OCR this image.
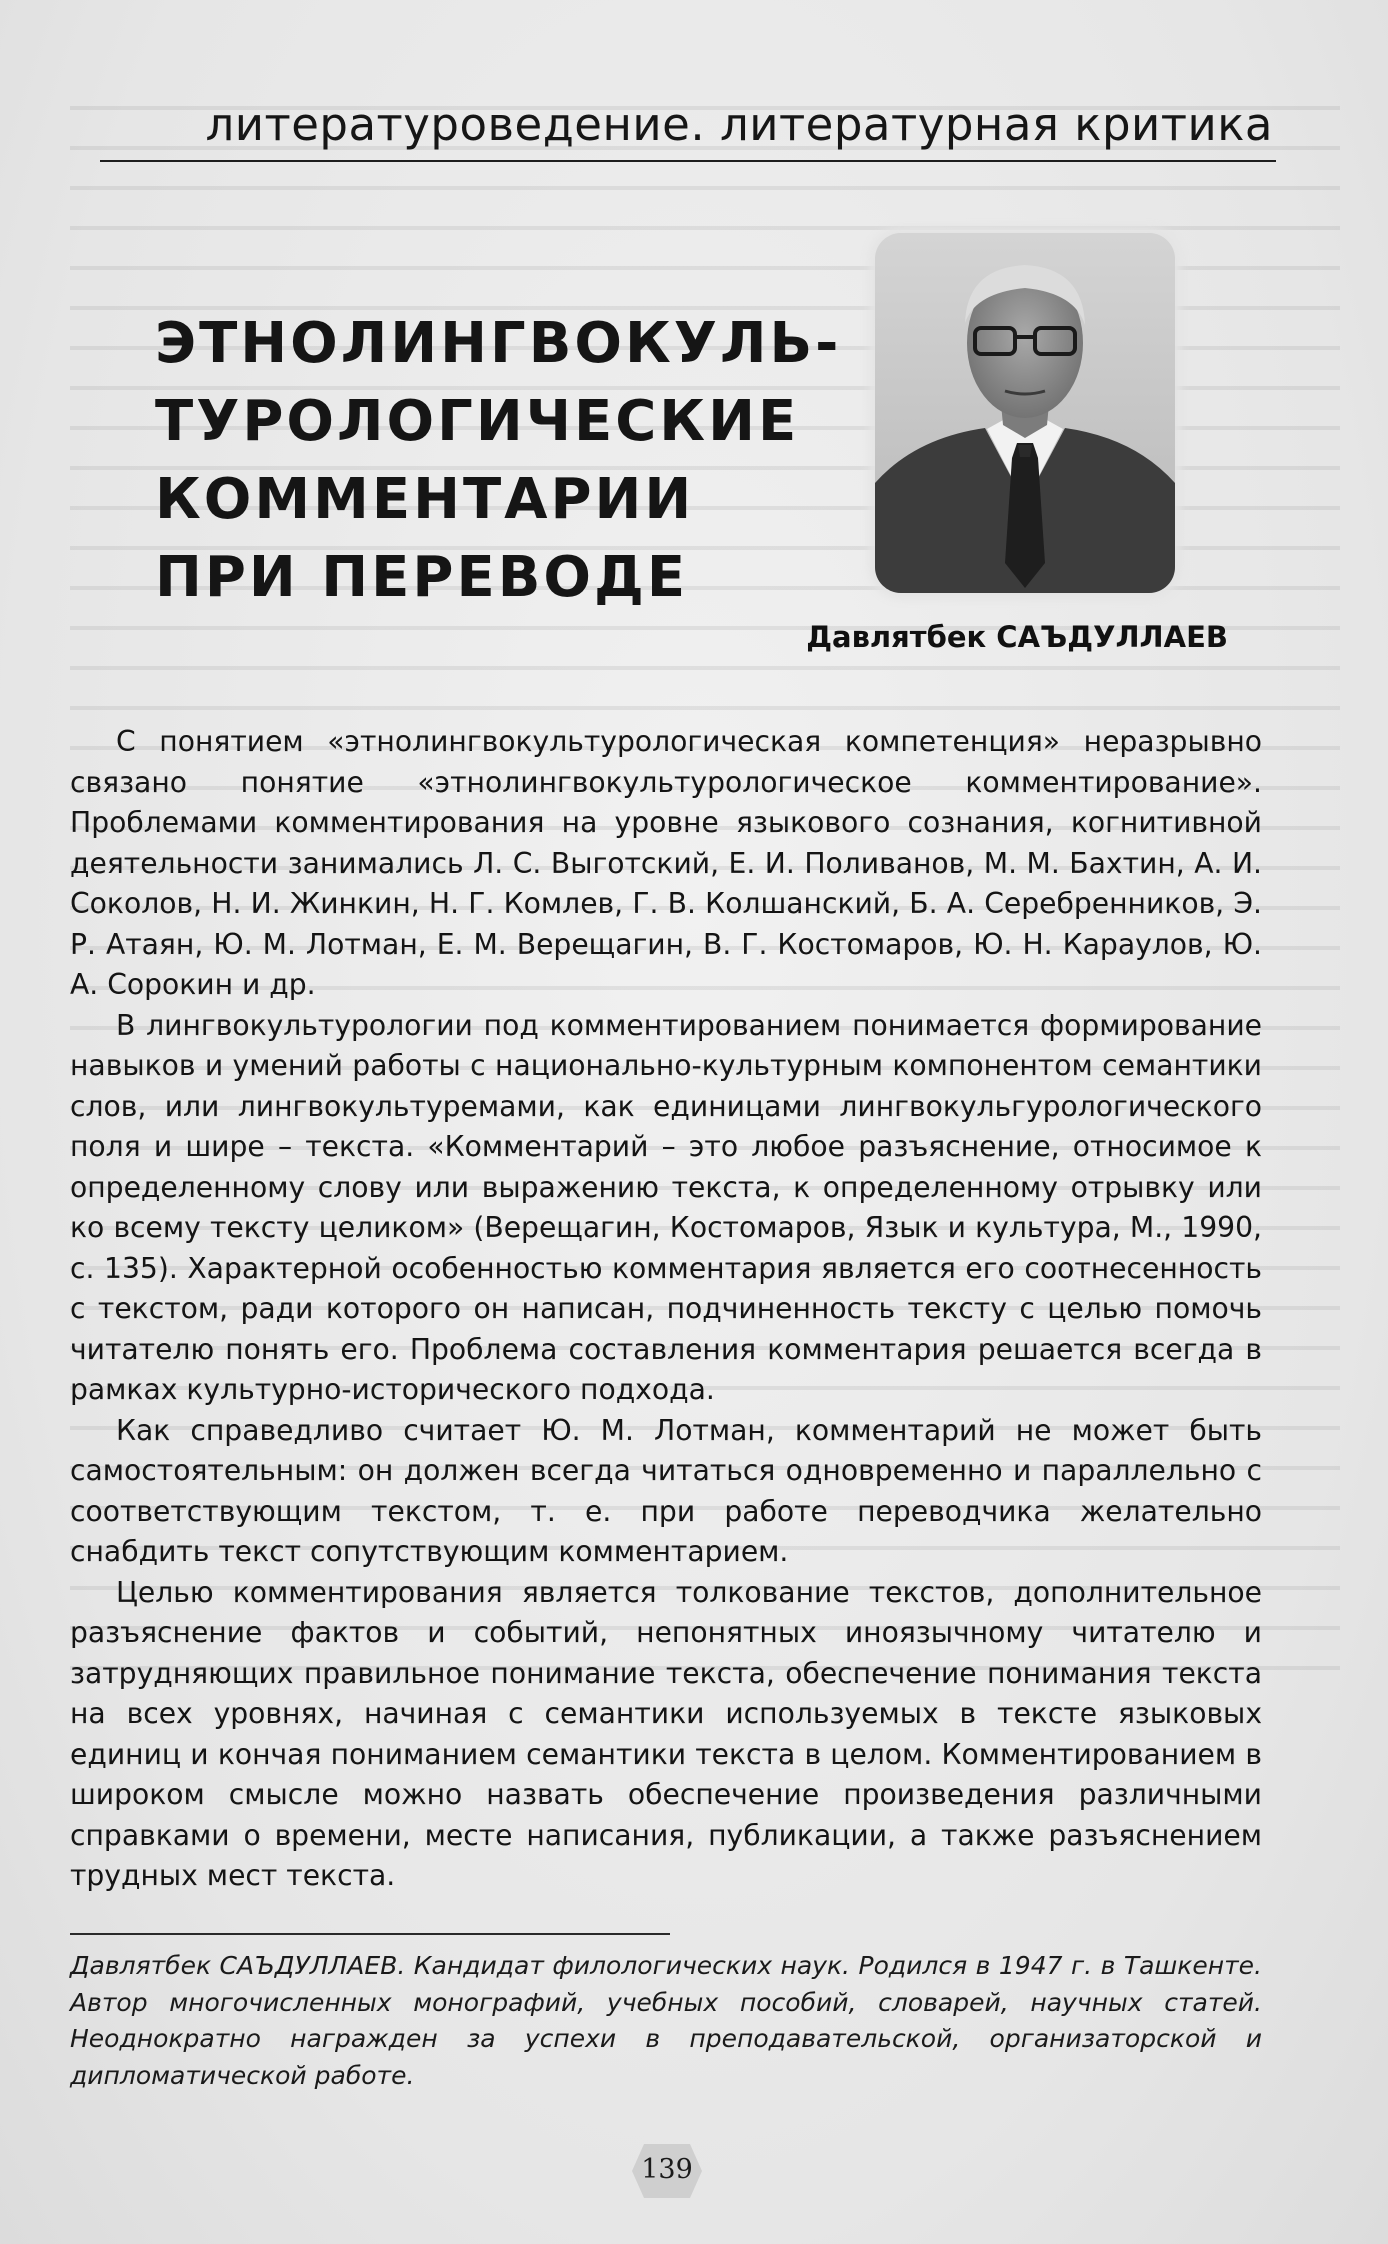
литературоведение. литературная критика
ЭТНОЛИНГВОКУЛЬ-
ТУРОЛОГИЧЕСКИЕ
КОММЕНТАРИИ
ПРИ ПЕРЕВОДЕ
Давлятбек САЪДУЛЛАЕВ

С понятием «этнолингвокультурологическая компетенция» неразрывно связано понятие «этнолингвокультурологическое комментирование». Проблемами комментирования на уровне языкового сознания, когнитивной деятельности занимались Л. С. Выготский, Е. И. Поливанов, М. М. Бахтин, А. И. Соколов, Н. И. Жинкин, Н. Г. Комлев, Г. В. Колшанский, Б. А. Серебренников, Э. Р. Атаян, Ю. М. Лотман, Е. М. Верещагин, В. Г. Костомаров, Ю. Н. Караулов, Ю. А. Сорокин и др.

В лингвокультурологии под комментированием понимается формирование навыков и умений работы с национально-культурным компонентом семантики слов, или лингвокультуремами, как единицами лингвокульгурологического поля и шире – текста. «Комментарий – это любое разъяснение, относимое к определенному слову или выражению текста, к определенному отрывку или ко всему тексту целиком» (Верещагин, Костомаров, Язык и культура, М., 1990, с. 135). Характерной особенностью комментария является его соотнесенность с текстом, ради которого он написан, подчиненность тексту с целью помочь читателю понять его. Проблема составления комментария решается всегда в рамках культурно-исторического подхода.

Как справедливо считает Ю. М. Лотман, комментарий не может быть самостоятельным: он должен всегда читаться одновременно и параллельно с соответствующим текстом, т. е. при работе переводчика желательно снабдить текст сопутствующим комментарием.

Целью комментирования является толкование текстов, дополнительное разъяснение фактов и событий, непонятных иноязычному читателю и затрудняющих правильное понимание текста, обеспечение понимания текста на всех уровнях, начиная с семантики используемых в тексте языковых единиц и кончая пониманием семантики текста в целом. Комментированием в широком смысле можно назвать обеспечение произведения различными справками о времени, месте написания, публикации, а также разъяснением трудных мест текста.

Давлятбек САЪДУЛЛАЕВ. Кандидат филологических наук. Родился в 1947 г. в Ташкенте. Автор многочисленных монографий, учебных пособий, словарей, научных статей. Неоднократно награжден за успехи в преподавательской, организаторской и дипломатической работе.
139
